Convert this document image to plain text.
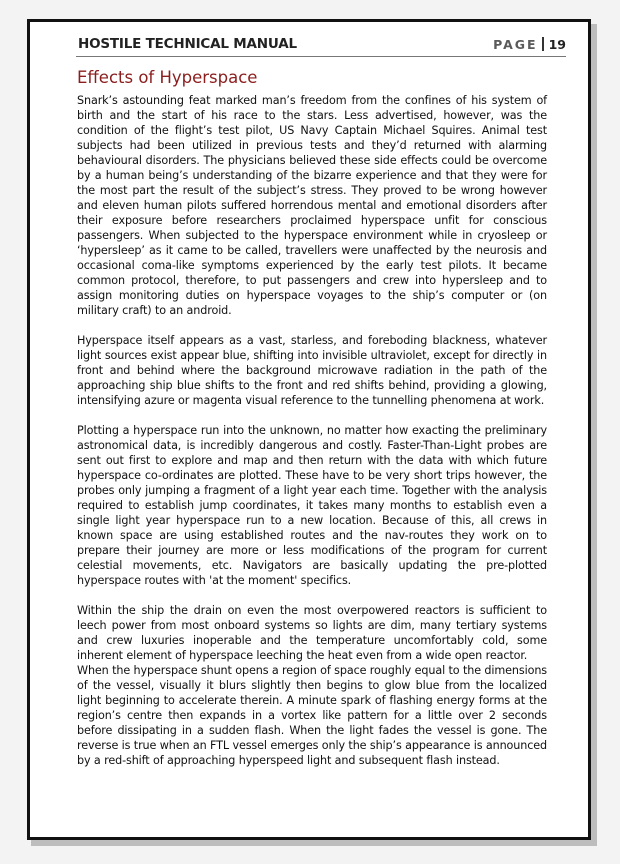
HOSTILE TECHNICAL MANUAL	PAGE 19
Effects of Hyperspace

Snark’s astounding feat marked man’s freedom from the confines of his system of birth and the start of his race to the stars. Less advertised, however, was the condition of the flight’s test pilot, US Navy Captain Michael Squires. Animal test subjects had been utilized in previous tests and they’d returned with alarming behavioural disorders. The physicians believed these side effects could be overcome by a human being’s understanding of the bizarre experience and that they were for the most part the result of the subject’s stress. They proved to be wrong however and eleven human pilots suffered horrendous mental and emotional disorders after their exposure before researchers proclaimed hyperspace unfit for conscious passengers. When subjected to the hyperspace environment while in cryosleep or ‘hypersleep’ as it came to be called, travellers were unaffected by the neurosis and occasional coma-like symptoms experienced by the early test pilots. It became common protocol, therefore, to put passengers and crew into hypersleep and to assign monitoring duties on hyperspace voyages to the ship’s computer or (on military craft) to an android.

Hyperspace itself appears as a vast, starless, and foreboding blackness, whatever light sources exist appear blue, shifting into invisible ultraviolet, except for directly in front and behind where the background microwave radiation in the path of the approaching ship blue shifts to the front and red shifts behind, providing a glowing, intensifying azure or magenta visual reference to the tunnelling phenomena at work.

Plotting a hyperspace run into the unknown, no matter how exacting the preliminary astronomical data, is incredibly dangerous and costly. Faster-Than-Light probes are sent out first to explore and map and then return with the data with which future hyperspace co-ordinates are plotted. These have to be very short trips however, the probes only jumping a fragment of a light year each time. Together with the analysis required to establish jump coordinates, it takes many months to establish even a single light year hyperspace run to a new location. Because of this, all crews in known space are using established routes and the nav-routes they work on to prepare their journey are more or less modifications of the program for current celestial movements, etc. Navigators are basically updating the pre-plotted hyperspace routes with 'at the moment' specifics.

Within the ship the drain on even the most overpowered reactors is sufficient to leech power from most onboard systems so lights are dim, many tertiary systems and crew luxuries inoperable and the temperature uncomfortably cold, some inherent element of hyperspace leeching the heat even from a wide open reactor.

When the hyperspace shunt opens a region of space roughly equal to the dimensions of the vessel, visually it blurs slightly then begins to glow blue from the localized light beginning to accelerate therein. A minute spark of flashing energy forms at the region’s centre then expands in a vortex like pattern for a little over 2 seconds before dissipating in a sudden flash. When the light fades the vessel is gone. The reverse is true when an FTL vessel emerges only the ship’s appearance is announced by a red-shift of approaching hyperspeed light and subsequent flash instead.
